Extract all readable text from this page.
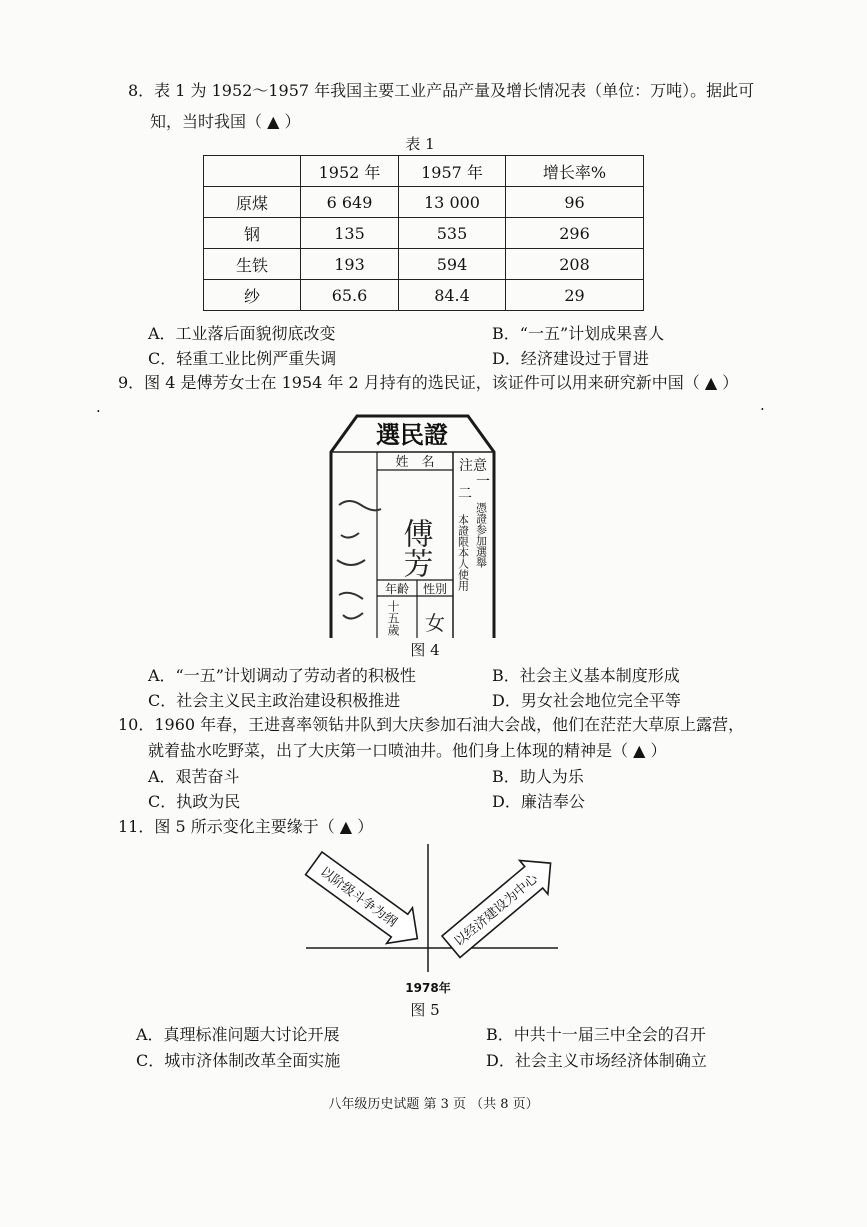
8．表 1 为 1952～1957 年我国主要工业产品产量及增长情况表（单位：万吨）。据此可
知，当时我国（ ▲ ）
表 1
	1952 年	1957 年	增长率%
原煤	6 649	13 000	96
钢	135	535	296
生铁	193	594	208
纱	65.6	84.4	29
A．工业落后面貌彻底改变	B．“一五”计划成果喜人
C．轻重工业比例严重失调	D．经济建设过于冒进
9．图 4 是傅芳女士在 1954 年 2 月持有的选民证，该证件可以用来研究新中国（ ▲ ）
選民證
姓　名 注意
二
一
本證限本人使用 憑證参加選舉
傅芳
年齡 性別
十五歲 女
图 4
A．“一五”计划调动了劳动者的积极性	B．社会主义基本制度形成
C．社会主义民主政治建设积极推进	D．男女社会地位完全平等
10．1960 年春，王进喜率领钻井队到大庆参加石油大会战，他们在茫茫大草原上露营，
就着盐水吃野菜，出了大庆第一口喷油井。他们身上体现的精神是（ ▲ ）
A．艰苦奋斗	B．助人为乐
C．执政为民	D．廉洁奉公
11．图 5 所示变化主要缘于（ ▲ ）
以阶级斗争为纲	以经济建设为中心
1978年
图 5
A．真理标准问题大讨论开展	B．中共十一届三中全会的召开
C．城市济体制改革全面实施	D．社会主义市场经济体制确立
八年级历史试题 第 3 页 （共 8 页）
·	·
